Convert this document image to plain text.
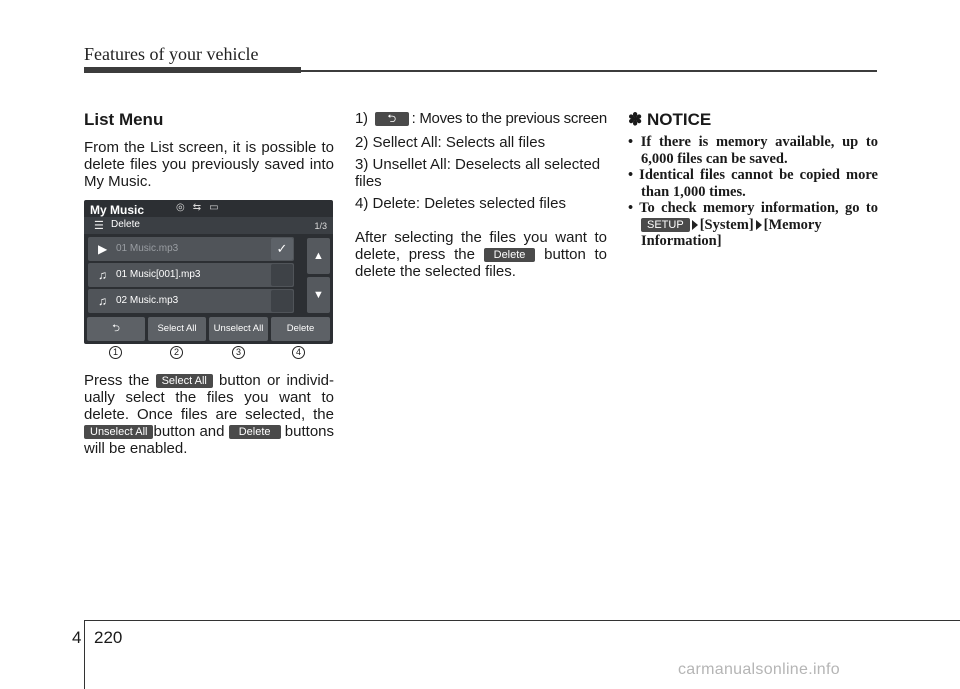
Features of your vehicle
List Menu

From the List screen, it is possible to delete files you previously saved into My Music.

My Music	◎⇆▭
☰ Delete	1/3
▶ 01 Music.mp3	✓
♫ 01 Music[001].mp3
♫ 02 Music.mp3
▲
▼
⮌	Select All	Unselect All	Delete
1	2	3	4

Press the Select All button or individ- ually select the files you want to delete. Once files are selected, the Unselect All button and Delete buttons will be enabled.

1) ⮌ : Moves to the previous screen
2) Sellect All: Selects all files
3) Unsellet All: Deselects all selected files
4) Delete: Deletes selected files

After selecting the files you want to delete, press the Delete button to delete the selected files.

✽ NOTICE
• If there is memory available, up to 6,000 files can be saved.
• Identical files cannot be copied more than 1,000 times.
• To check memory information, go to SETUP [System] [Memory Information]
4 220
carmanualsonline.info
